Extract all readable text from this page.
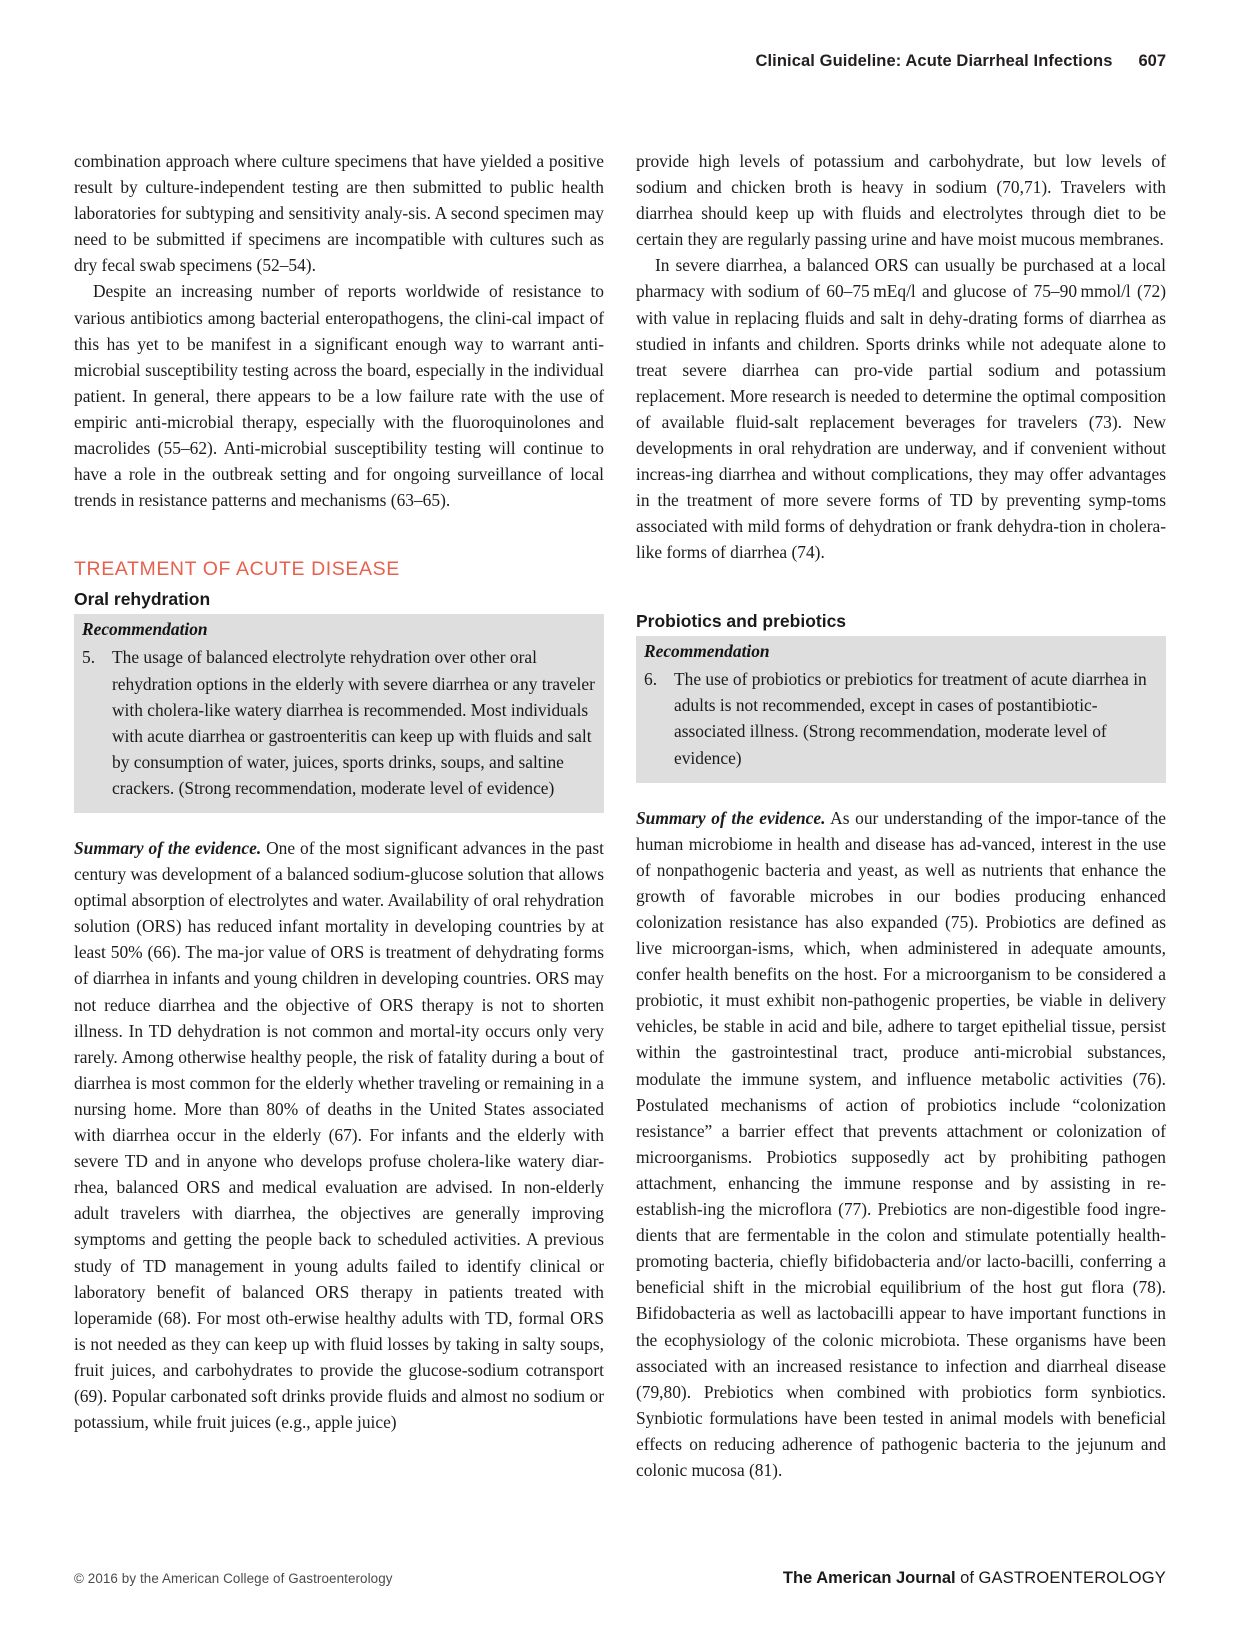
Clinical Guideline: Acute Diarrheal Infections 607

combination approach where culture specimens that have yielded a positive result by culture-independent testing are then submitted to public health laboratories for subtyping and sensitivity analy-sis. A second specimen may need to be submitted if specimens are incompatible with cultures such as dry fecal swab specimens (52–54).

Despite an increasing number of reports worldwide of resistance to various antibiotics among bacterial enteropathogens, the clini-cal impact of this has yet to be manifest in a significant enough way to warrant anti-microbial susceptibility testing across the board, especially in the individual patient. In general, there appears to be a low failure rate with the use of empiric anti-microbial therapy, especially with the fluoroquinolones and macrolides (55–62). Anti-microbial susceptibility testing will continue to have a role in the outbreak setting and for ongoing surveillance of local trends in resistance patterns and mechanisms (63–65).

TREATMENT OF ACUTE DISEASE
Oral rehydration
Recommendation
5. The usage of balanced electrolyte rehydration over other oral rehydration options in the elderly with severe diarrhea or any traveler with cholera-like watery diarrhea is recommended. Most individuals with acute diarrhea or gastroenteritis can keep up with fluids and salt by consumption of water, juices, sports drinks, soups, and saltine crackers. (Strong recommendation, moderate level of evidence)

Summary of the evidence. One of the most significant advances in the past century was development of a balanced sodium-glucose solution that allows optimal absorption of electrolytes and water. Availability of oral rehydration solution (ORS) has reduced infant mortality in developing countries by at least 50% (66). The ma-jor value of ORS is treatment of dehydrating forms of diarrhea in infants and young children in developing countries. ORS may not reduce diarrhea and the objective of ORS therapy is not to shorten illness. In TD dehydration is not common and mortal-ity occurs only very rarely. Among otherwise healthy people, the risk of fatality during a bout of diarrhea is most common for the elderly whether traveling or remaining in a nursing home. More than 80% of deaths in the United States associated with diarrhea occur in the elderly (67). For infants and the elderly with severe TD and in anyone who develops profuse cholera-like watery diar-rhea, balanced ORS and medical evaluation are advised. In non-elderly adult travelers with diarrhea, the objectives are generally improving symptoms and getting the people back to scheduled activities. A previous study of TD management in young adults failed to identify clinical or laboratory benefit of balanced ORS therapy in patients treated with loperamide (68). For most oth-erwise healthy adults with TD, formal ORS is not needed as they can keep up with fluid losses by taking in salty soups, fruit juices, and carbohydrates to provide the glucose-sodium cotransport (69). Popular carbonated soft drinks provide fluids and almost no sodium or potassium, while fruit juices (e.g., apple juice)

provide high levels of potassium and carbohydrate, but low levels of sodium and chicken broth is heavy in sodium (70,71). Travelers with diarrhea should keep up with fluids and electrolytes through diet to be certain they are regularly passing urine and have moist mucous membranes.

In severe diarrhea, a balanced ORS can usually be purchased at a local pharmacy with sodium of 60–75 mEq/l and glucose of 75–90 mmol/l (72) with value in replacing fluids and salt in dehy-drating forms of diarrhea as studied in infants and children. Sports drinks while not adequate alone to treat severe diarrhea can pro-vide partial sodium and potassium replacement. More research is needed to determine the optimal composition of available fluid-salt replacement beverages for travelers (73). New developments in oral rehydration are underway, and if convenient without increas-ing diarrhea and without complications, they may offer advantages in the treatment of more severe forms of TD by preventing symp-toms associated with mild forms of dehydration or frank dehydra-tion in cholera-like forms of diarrhea (74).

Probiotics and prebiotics
Recommendation
6. The use of probiotics or prebiotics for treatment of acute diarrhea in adults is not recommended, except in cases of postantibiotic-associated illness. (Strong recommendation, moderate level of evidence)

Summary of the evidence. As our understanding of the impor-tance of the human microbiome in health and disease has ad-vanced, interest in the use of nonpathogenic bacteria and yeast, as well as nutrients that enhance the growth of favorable microbes in our bodies producing enhanced colonization resistance has also expanded (75). Probiotics are defined as live microorgan-isms, which, when administered in adequate amounts, confer health benefits on the host. For a microorganism to be considered a probiotic, it must exhibit non-pathogenic properties, be viable in delivery vehicles, be stable in acid and bile, adhere to target epithelial tissue, persist within the gastrointestinal tract, produce anti-microbial substances, modulate the immune system, and influence metabolic activities (76). Postulated mechanisms of action of probiotics include “colonization resistance” a barrier effect that prevents attachment or colonization of microorganisms. Probiotics supposedly act by prohibiting pathogen attachment, enhancing the immune response and by assisting in re-establish-ing the microflora (77). Prebiotics are non-digestible food ingre-dients that are fermentable in the colon and stimulate potentially health-promoting bacteria, chiefly bifidobacteria and/or lacto-bacilli, conferring a beneficial shift in the microbial equilibrium of the host gut flora (78). Bifidobacteria as well as lactobacilli appear to have important functions in the ecophysiology of the colonic microbiota. These organisms have been associated with an increased resistance to infection and diarrheal disease (79,80). Prebiotics when combined with probiotics form synbiotics. Synbiotic formulations have been tested in animal models with beneficial effects on reducing adherence of pathogenic bacteria to the jejunum and colonic mucosa (81).

© 2016 by the American College of Gastroenterology	The American Journal of GASTROENTEROLOGY
